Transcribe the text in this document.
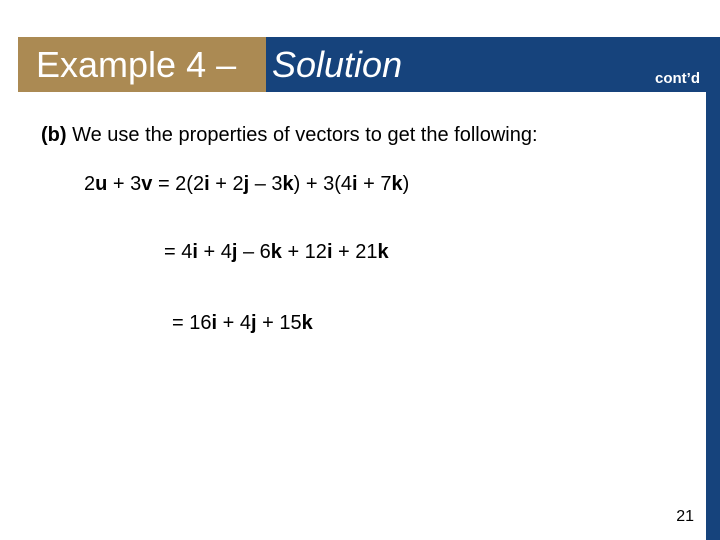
Example 4 – Solution	cont’d
(b) We use the properties of vectors to get the following:
2u + 3v = 2(2i + 2j – 3k) + 3(4i + 7k)
= 4i + 4j – 6k + 12i + 21k
= 16i + 4j + 15k
21
